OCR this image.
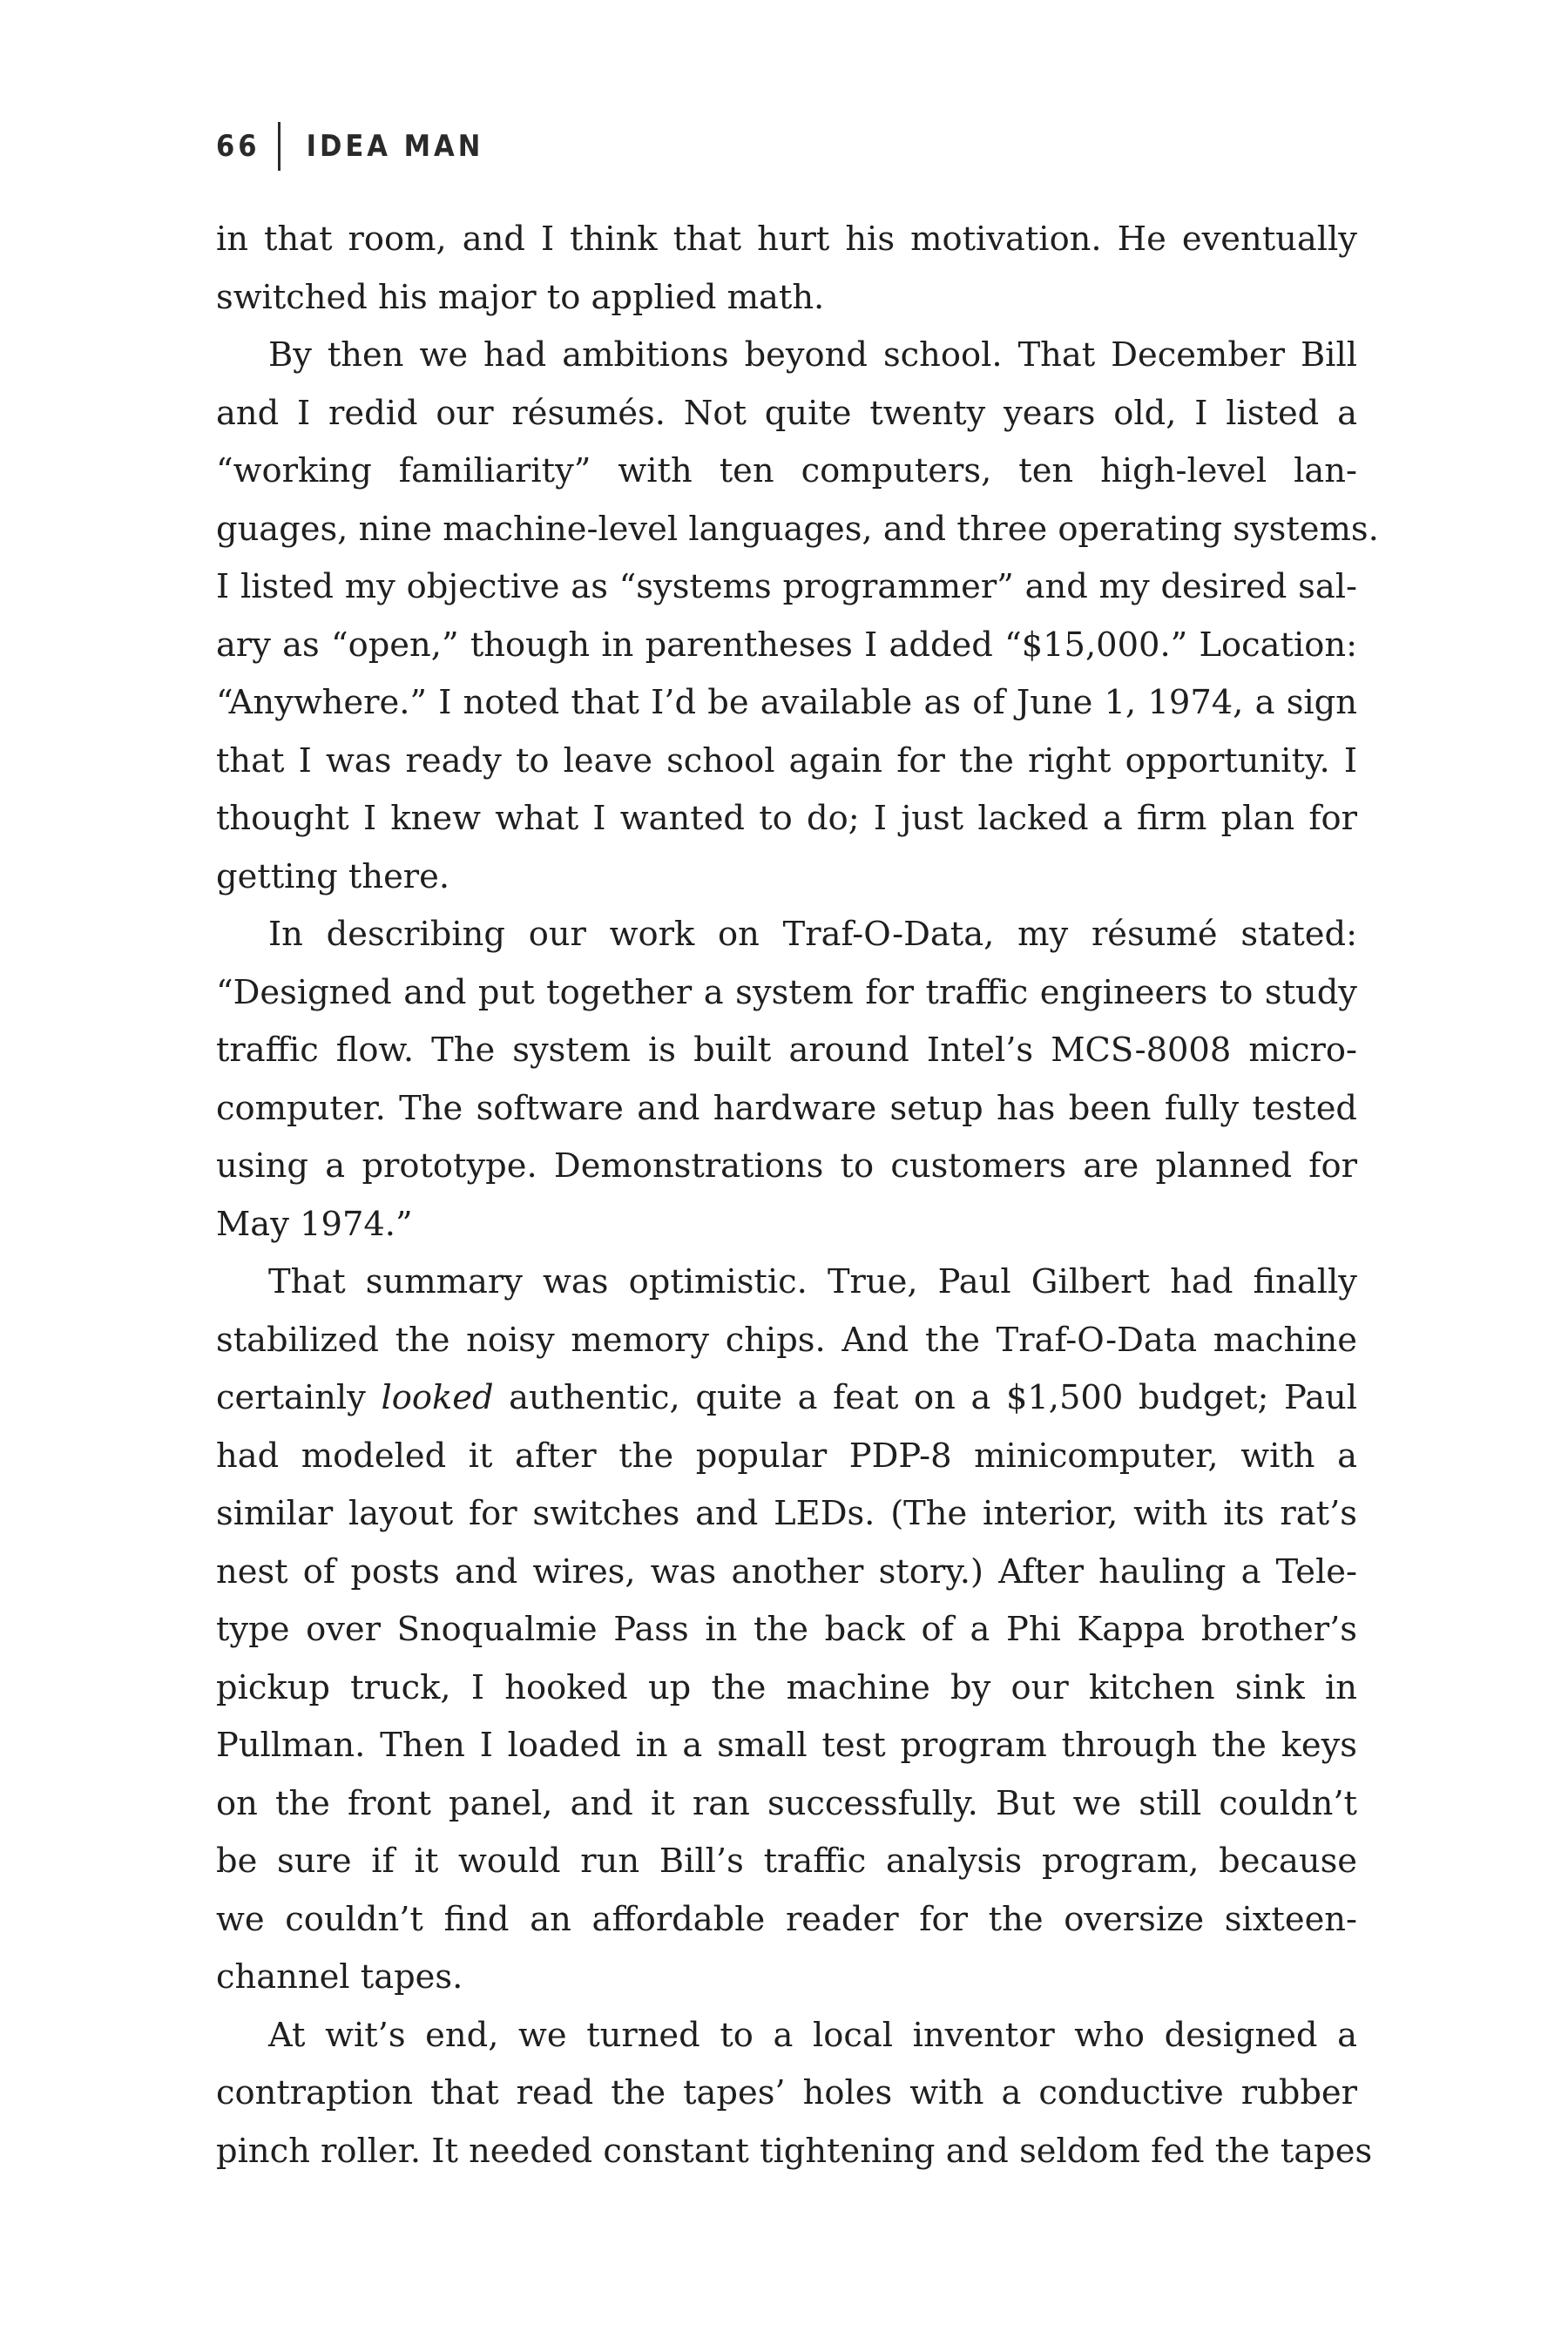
66 IDEA MAN
in that room, and I think that hurt his motivation. He eventually
switched his major to applied math.
By then we had ambitions beyond school. That December Bill
and I redid our résumés. Not quite twenty years old, I listed a
“working familiarity” with ten computers, ten high-level lan-
guages, nine machine-level languages, and three operating systems.
I listed my objective as “systems programmer” and my desired sal-
ary as “open,” though in parentheses I added “$15,000.” Location:
“Anywhere.” I noted that I’d be available as of June 1, 1974, a sign
that I was ready to leave school again for the right opportunity. I
thought I knew what I wanted to do; I just lacked a firm plan for
getting there.
In describing our work on Traf-O-Data, my résumé stated:
“Designed and put together a system for traffic engineers to study
traffic flow. The system is built around Intel’s MCS-8008 micro-
computer. The software and hardware setup has been fully tested
using a prototype. Demonstrations to customers are planned for
May 1974.”
That summary was optimistic. True, Paul Gilbert had finally
stabilized the noisy memory chips. And the Traf-O-Data machine
certainly looked authentic, quite a feat on a $1,500 budget; Paul
had modeled it after the popular PDP-8 minicomputer, with a
similar layout for switches and LEDs. (The interior, with its rat’s
nest of posts and wires, was another story.) After hauling a Tele-
type over Snoqualmie Pass in the back of a Phi Kappa brother’s
pickup truck, I hooked up the machine by our kitchen sink in
Pullman. Then I loaded in a small test program through the keys
on the front panel, and it ran successfully. But we still couldn’t
be sure if it would run Bill’s traffic analysis program, because
we couldn’t find an affordable reader for the oversize sixteen-
channel tapes.
At wit’s end, we turned to a local inventor who designed a
contraption that read the tapes’ holes with a conductive rubber
pinch roller. It needed constant tightening and seldom fed the tapes
